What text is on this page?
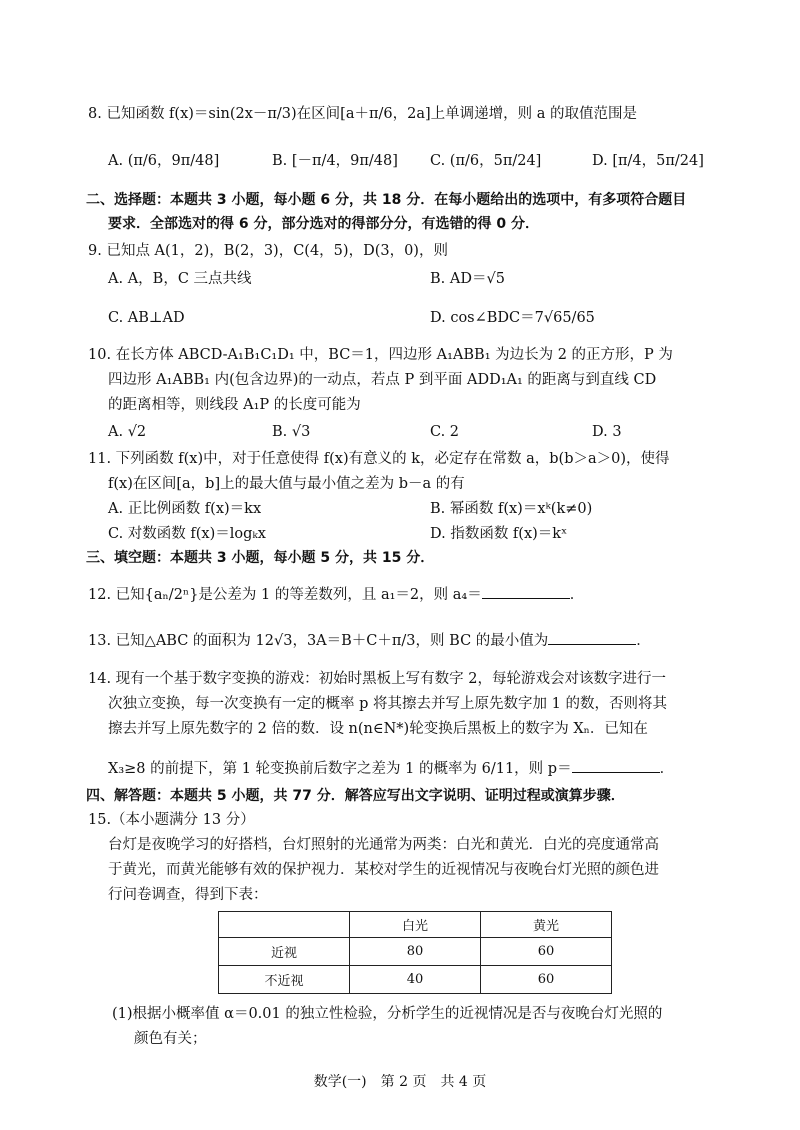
8. 已知函数 f(x)＝sin(2x－π/3)在区间[a＋π/6，2a]上单调递增，则 a 的取值范围是
A. (π/6，9π/48]	B. [－π/4，9π/48] C. (π/6，5π/24]	D. [π/4，5π/24]
二、选择题：本题共 3 小题，每小题 6 分，共 18 分．在每小题给出的选项中，有多项符合题目
要求．全部选对的得 6 分，部分选对的得部分分，有选错的得 0 分．
9. 已知点 A(1，2)，B(2，3)，C(4，5)，D(3，0)，则
A. A，B，C 三点共线	B. AD＝√5
C. AB⊥AD	D. cos∠BDC＝7√65/65
10. 在长方体 ABCD-A₁B₁C₁D₁ 中，BC＝1，四边形 A₁ABB₁ 为边长为 2 的正方形，P 为
四边形 A₁ABB₁ 内(包含边界)的一动点，若点 P 到平面 ADD₁A₁ 的距离与到直线 CD
的距离相等，则线段 A₁P 的长度可能为
A. √2	B. √3	C. 2	D. 3
11. 下列函数 f(x)中，对于任意使得 f(x)有意义的 k，必定存在常数 a，b(b＞a＞0)，使得
f(x)在区间[a，b]上的最大值与最小值之差为 b－a 的有
A. 正比例函数 f(x)＝kx	B. 幂函数 f(x)＝xᵏ(k≠0)
C. 对数函数 f(x)＝logₖx	D. 指数函数 f(x)＝kˣ
三、填空题：本题共 3 小题，每小题 5 分，共 15 分．
12. 已知{aₙ/2ⁿ}是公差为 1 的等差数列，且 a₁＝2，则 a₄＝	．
13. 已知△ABC 的面积为 12√3，3A＝B＋C＋π/3，则 BC 的最小值为	．
14. 现有一个基于数字变换的游戏：初始时黑板上写有数字 2，每轮游戏会对该数字进行一
次独立变换，每一次变换有一定的概率 p 将其擦去并写上原先数字加 1 的数，否则将其
擦去并写上原先数字的 2 倍的数．设 n(n∈N*)轮变换后黑板上的数字为 Xₙ．已知在
X₃≥8 的前提下，第 1 轮变换前后数字之差为 1 的概率为 6/11，则 p＝	．
四、解答题：本题共 5 小题，共 77 分．解答应写出文字说明、证明过程或演算步骤．
15.（本小题满分 13 分）
台灯是夜晚学习的好搭档，台灯照射的光通常为两类：白光和黄光．白光的亮度通常高
于黄光，而黄光能够有效的保护视力．某校对学生的近视情况与夜晚台灯光照的颜色进
行问卷调查，得到下表：
	白光	黄光
近视	80	60
不近视	40	60
(1)根据小概率值 α＝0.01 的独立性检验，分析学生的近视情况是否与夜晚台灯光照的
颜色有关；
数学(一)　第 2 页　共 4 页
